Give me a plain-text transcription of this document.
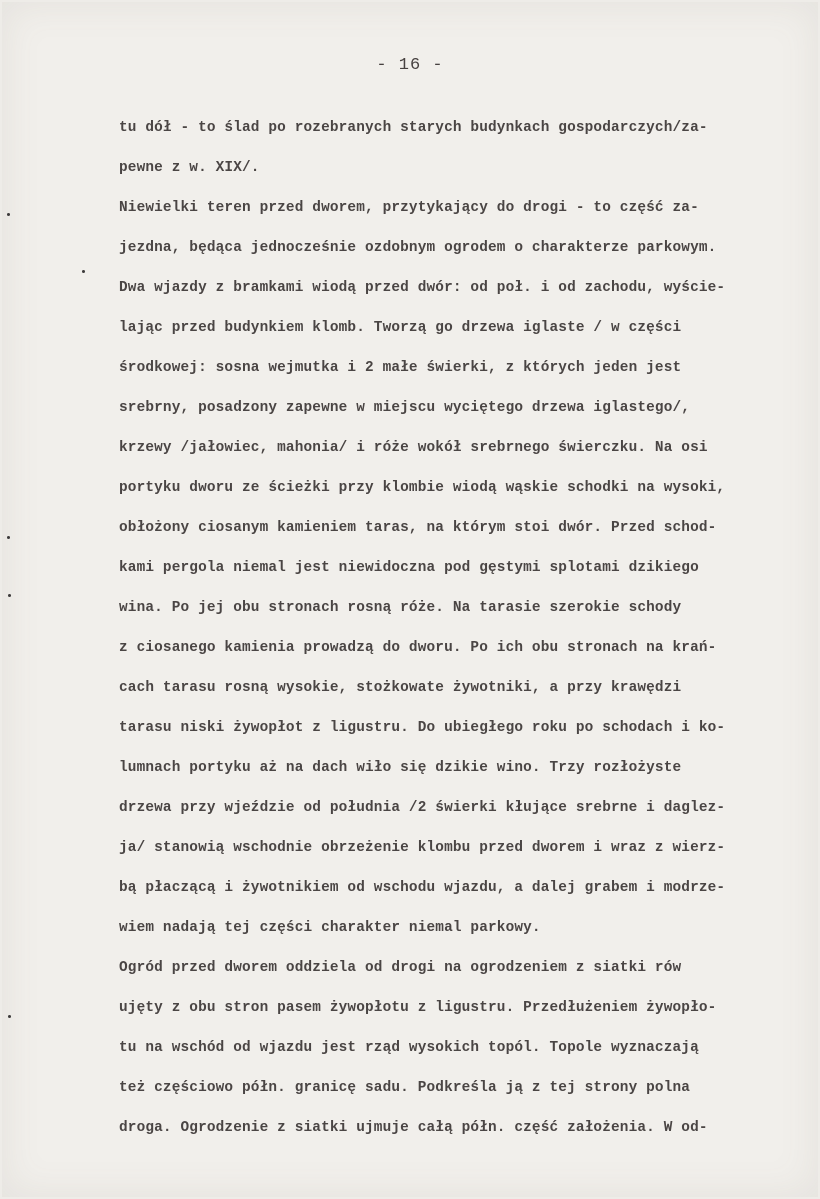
- 16 -
tu dół - to ślad po rozebranych starych budynkach gospodarczych/za-
pewne z w. XIX/.
Niewielki teren przed dworem, przytykający do drogi - to część za-
jezdna, będąca jednocześnie ozdobnym ogrodem o charakterze parkowym.
Dwa wjazdy z bramkami wiodą przed dwór: od poł. i od zachodu, wyście-
lając przed budynkiem klomb. Tworzą go drzewa iglaste / w części
środkowej: sosna wejmutka i 2 małe świerki, z których jeden jest
srebrny, posadzony zapewne w miejscu wyciętego drzewa iglastego/,
krzewy /jałowiec, mahonia/ i róże wokół srebrnego świerczku. Na osi
portyku dworu ze ścieżki przy klombie wiodą wąskie schodki na wysoki,
obłożony ciosanym kamieniem taras, na którym stoi dwór. Przed schod-
kami pergola niemal jest niewidoczna pod gęstymi splotami dzikiego
wina. Po jej obu stronach rosną róże. Na tarasie szerokie schody
z ciosanego kamienia prowadzą do dworu. Po ich obu stronach na krań-
cach tarasu rosną wysokie, stożkowate żywotniki, a przy krawędzi
tarasu niski żywopłot z ligustru. Do ubiegłego roku po schodach i ko-
lumnach portyku aż na dach wiło się dzikie wino. Trzy rozłożyste
drzewa przy wjeździe od południa /2 świerki kłujące srebrne i daglez-
ja/ stanowią wschodnie obrzeżenie klombu przed dworem i wraz z wierz-
bą płaczącą i żywotnikiem od wschodu wjazdu, a dalej grabem i modrze-
wiem nadają tej części charakter niemal parkowy.
Ogród przed dworem oddziela od drogi na ogrodzeniem z siatki rów
ujęty z obu stron pasem żywopłotu z ligustru. Przedłużeniem żywopło-
tu na wschód od wjazdu jest rząd wysokich topól. Topole wyznaczają
też częściowo półn. granicę sadu. Podkreśla ją z tej strony polna
droga. Ogrodzenie z siatki ujmuje całą półn. część założenia. W od-
